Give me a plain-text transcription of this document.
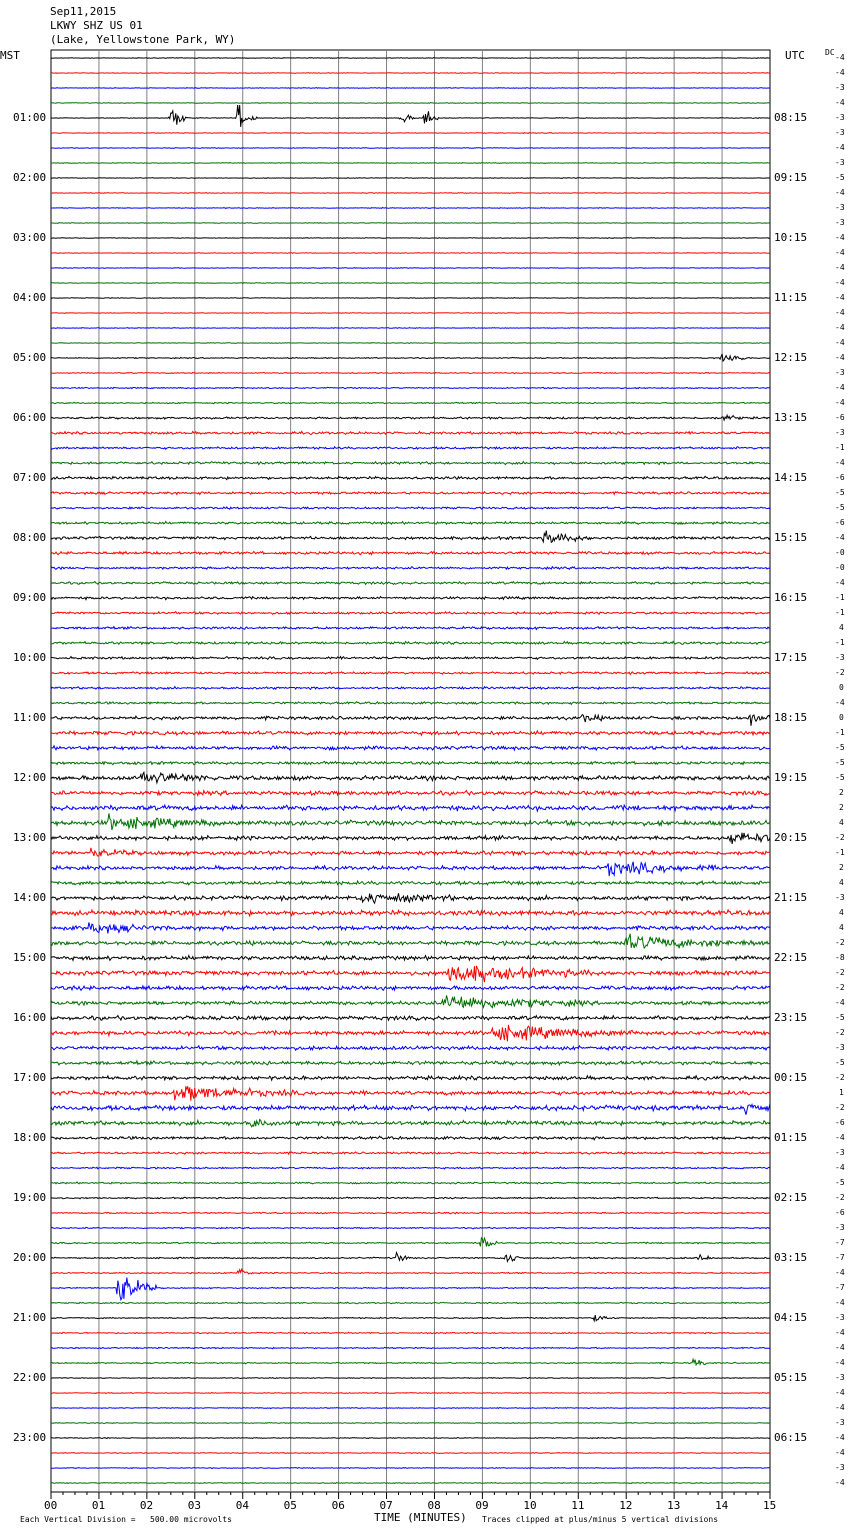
Sep11,2015
LKWY SHZ US 01
(Lake, Yellowstone Park, WY)
MST	UTC	DC
01:00
02:00
03:00
04:00
05:00
06:00
07:00
08:00
09:00
10:00
11:00
12:00
13:00
14:00
15:00
16:00
17:00
18:00
19:00
20:00
21:00
22:00
23:00
08:15
09:15
10:15
11:15
12:15
13:15
14:15
15:15
16:15
17:15
18:15
19:15
20:15
21:15
22:15
23:15
00:15
01:15
02:15
03:15
04:15
05:15
06:15
-4
-4
-3
-4
-3
-3
-4
-3
-5
-4
-3
-3
-4
-4
-4
-4
-4
-4
-4
-4
-4
-3
-4
-4
-6
-3
-1
-4
-6
-5
-5
-6
-4
-0
-0
-4
-1
-1
4
-1
-3
-2
0
-4
0
-1
-5
-5
-5
2
2
4
-2
-1
2
4
-3
4
4
-2
-8
-2
-2
-4
-5
-2
-3
-5
-2
1
-2
-6
-4
-3
-4
-5
-2
-6
-3
-7
-7
-4
-7
-4
-3
-4
-4
-4
-3
-4
-4
-3
-4
-4
-3
-4
00	01	02	03	04	05	06	07	08	09	10	11	12	13	14	15
Each Vertical Division =   500.00 microvolts	TIME (MINUTES) Traces clipped at plus/minus 5 vertical divisions
